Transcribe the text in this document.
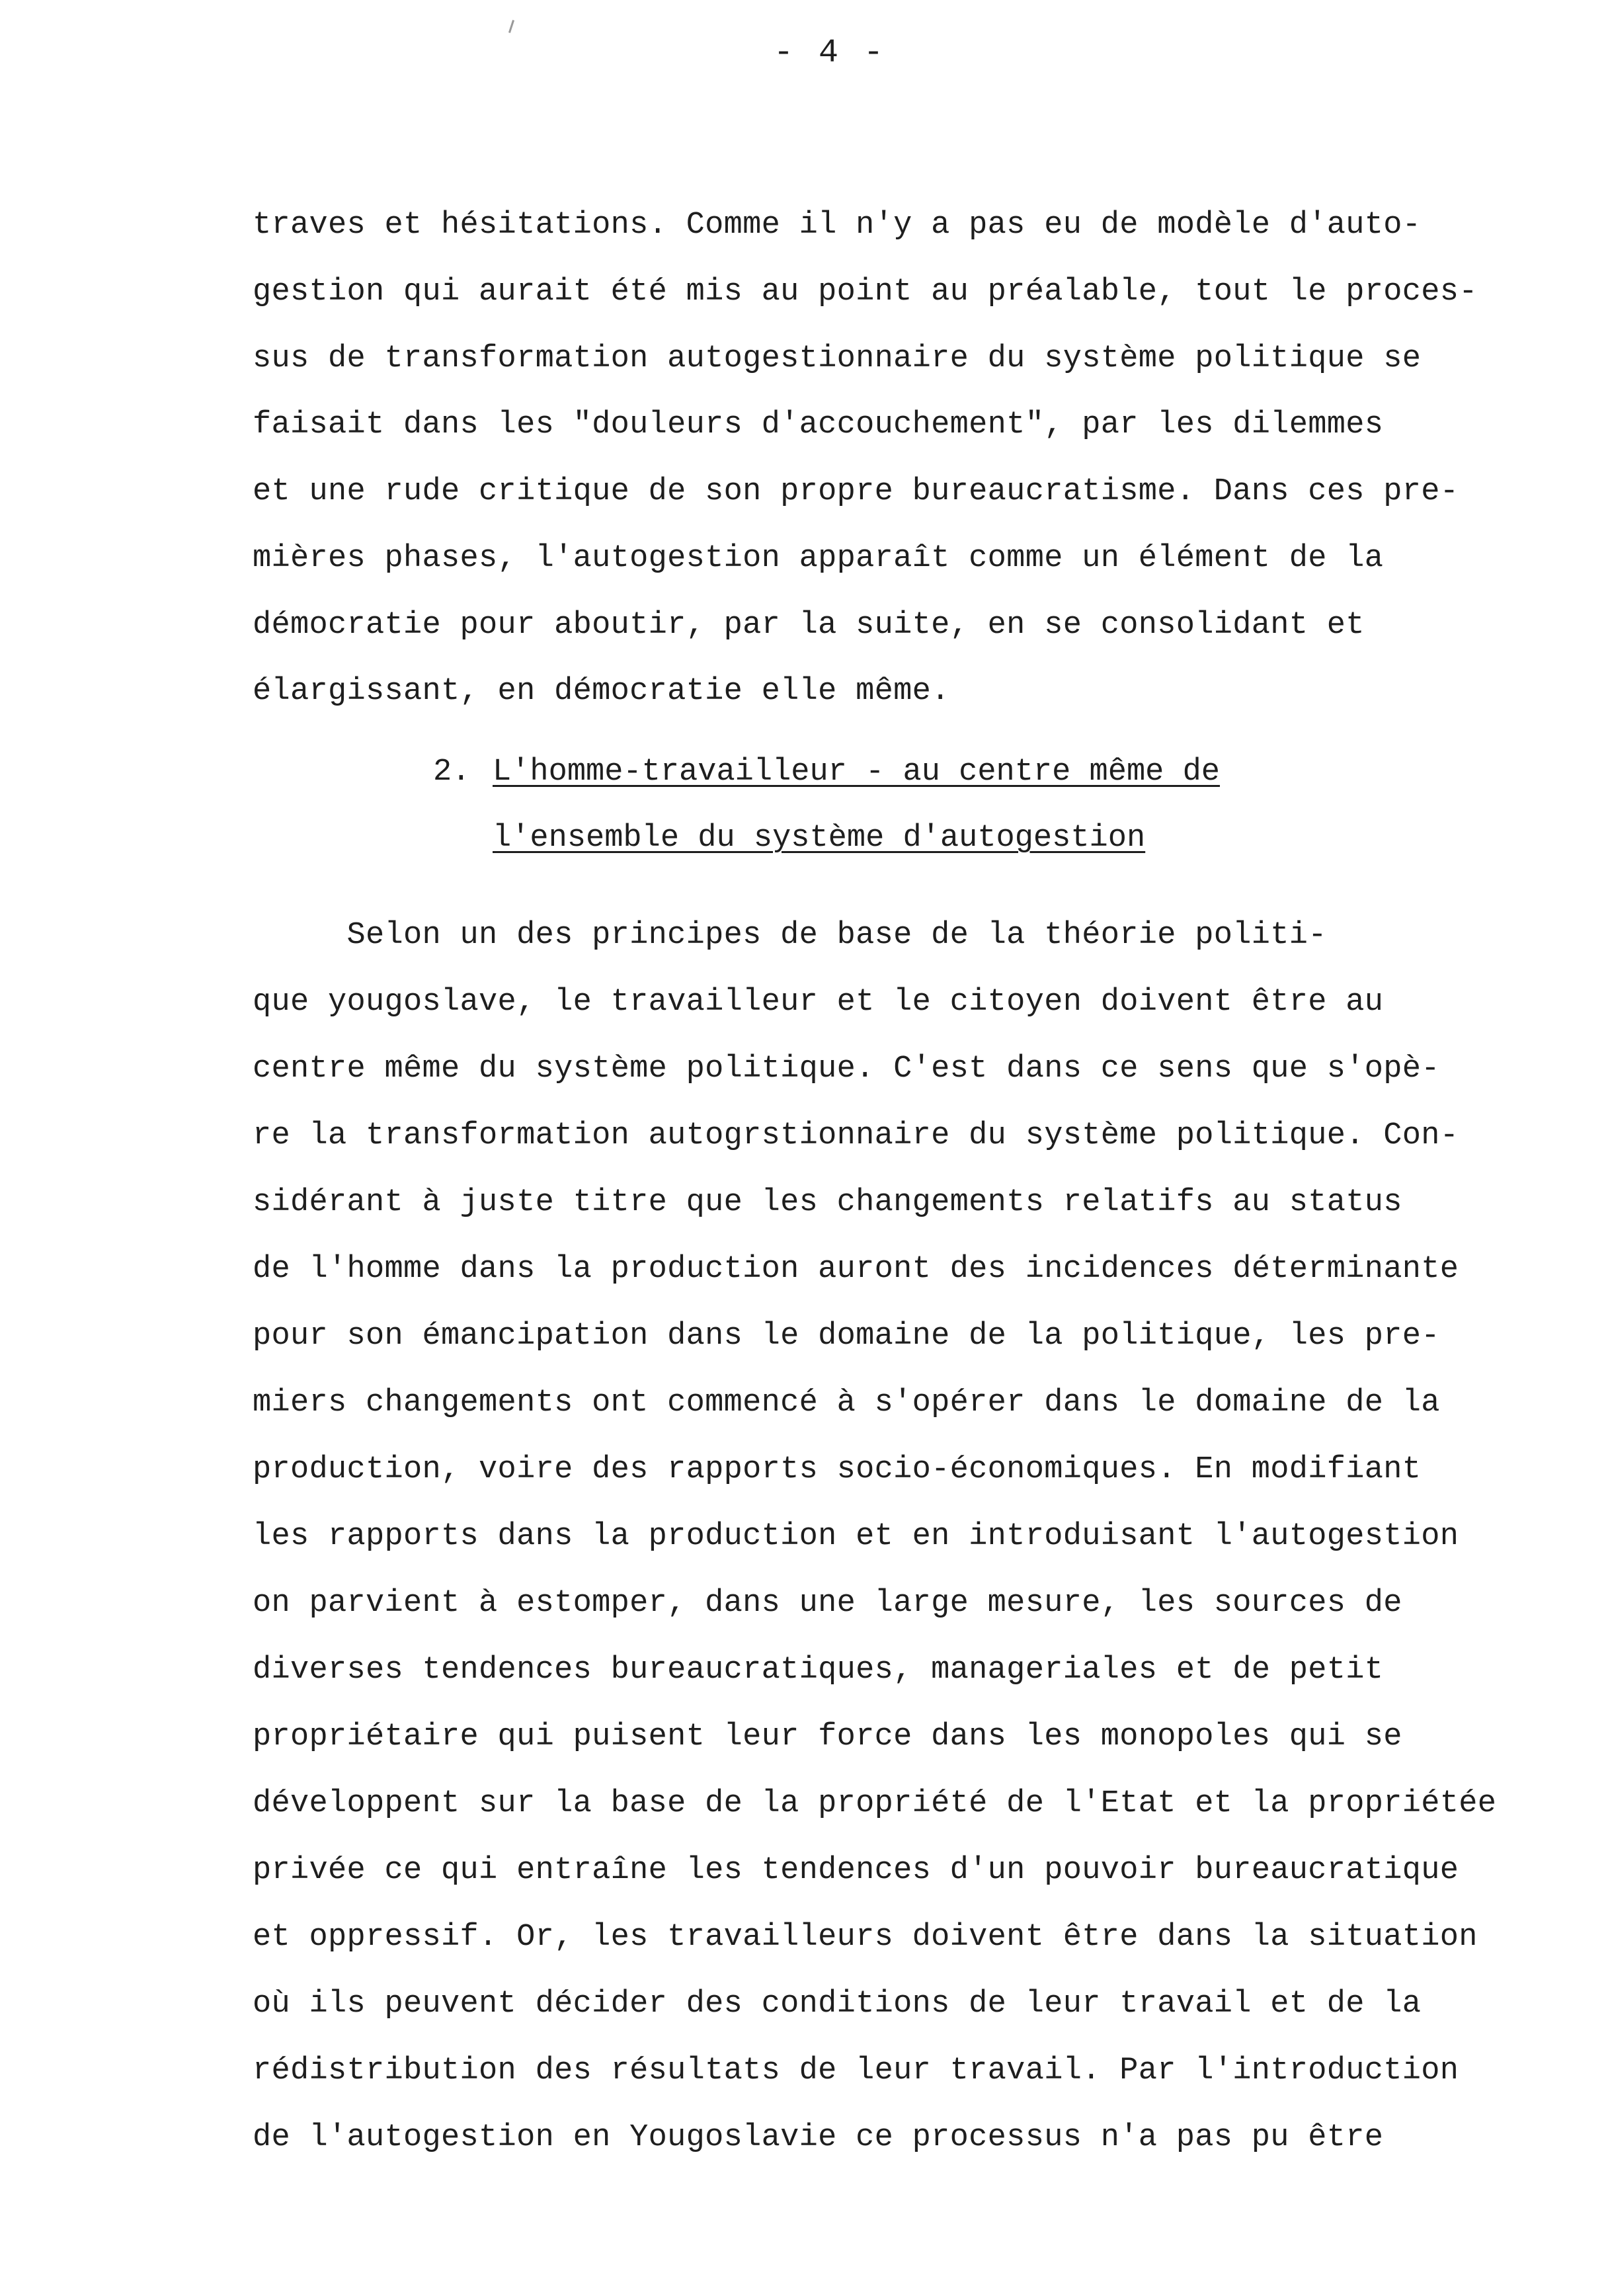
- 4 -
traves et hésitations. Comme il n'y a pas eu de modèle d'auto-
gestion qui aurait été mis au point au préalable, tout le proces-
sus de transformation autogestionnaire du système politique se
faisait dans les "douleurs d'accouchement", par les dilemmes
et une rude critique de son propre bureaucratisme. Dans ces pre-
mières phases, l'autogestion apparaît comme un élément de la
démocratie pour aboutir, par la suite, en se consolidant et
élargissant, en démocratie elle même.
2. L'homme-travailleur - au centre même de
l'ensemble du système d'autogestion
Selon un des principes de base de la théorie politi-
que yougoslave, le travailleur et le citoyen doivent être au
centre même du système politique. C'est dans ce sens que s'opè-
re la transformation autogrstionnaire du système politique. Con-
sidérant à juste titre que les changements relatifs au status
de l'homme dans la production auront des incidences déterminante
pour son émancipation dans le domaine de la politique, les pre-
miers changements ont commencé à s'opérer dans le domaine de la
production, voire des rapports socio-économiques. En modifiant
les rapports dans la production et en introduisant l'autogestion
on parvient à estomper, dans une large mesure, les sources de
diverses tendences bureaucratiques, manageriales et de petit
propriétaire qui puisent leur force dans les monopoles qui se
développent sur la base de la propriété de l'Etat et la propriétée
privée ce qui entraîne les tendences d'un pouvoir bureaucratique
et oppressif. Or, les travailleurs doivent être dans la situation
où ils peuvent décider des conditions de leur travail et de la
rédistribution des résultats de leur travail. Par l'introduction
de l'autogestion en Yougoslavie ce processus n'a pas pu être
